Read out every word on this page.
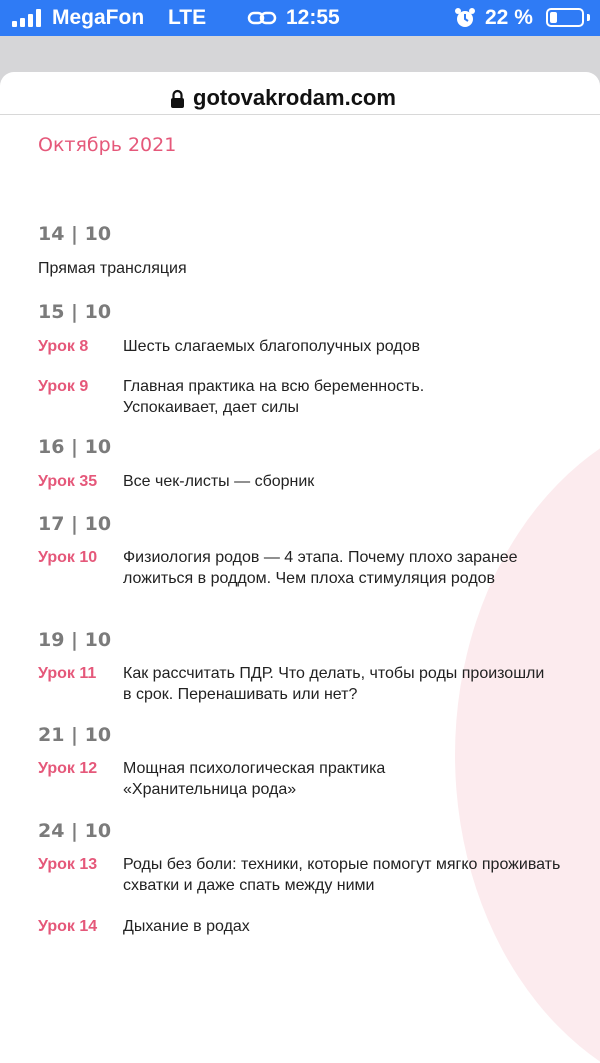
MegaFon LTE	12:55	22 %
gotovakrodam.com
Октябрь 2021
14 | 10
Прямая трансляция
15 | 10
Урок 8 Шесть слагаемых благополучных родов
Урок 9 Главная практика на всю беременность. Успокаивает, дает силы
16 | 10
Урок 35 Все чек-листы — сборник
17 | 10
Урок 10 Физиология родов — 4 этапа. Почему плохо заранее ложиться в роддом. Чем плоха стимуляция родов
19 | 10
Урок 11 Как рассчитать ПДР. Что делать, чтобы роды произошли в срок. Перенашивать или нет?
21 | 10
Урок 12 Мощная психологическая практика «Хранительница рода»
24 | 10
Урок 13 Роды без боли: техники, которые помогут мягко проживать схватки и даже спать между ними
Урок 14 Дыхание в родах
